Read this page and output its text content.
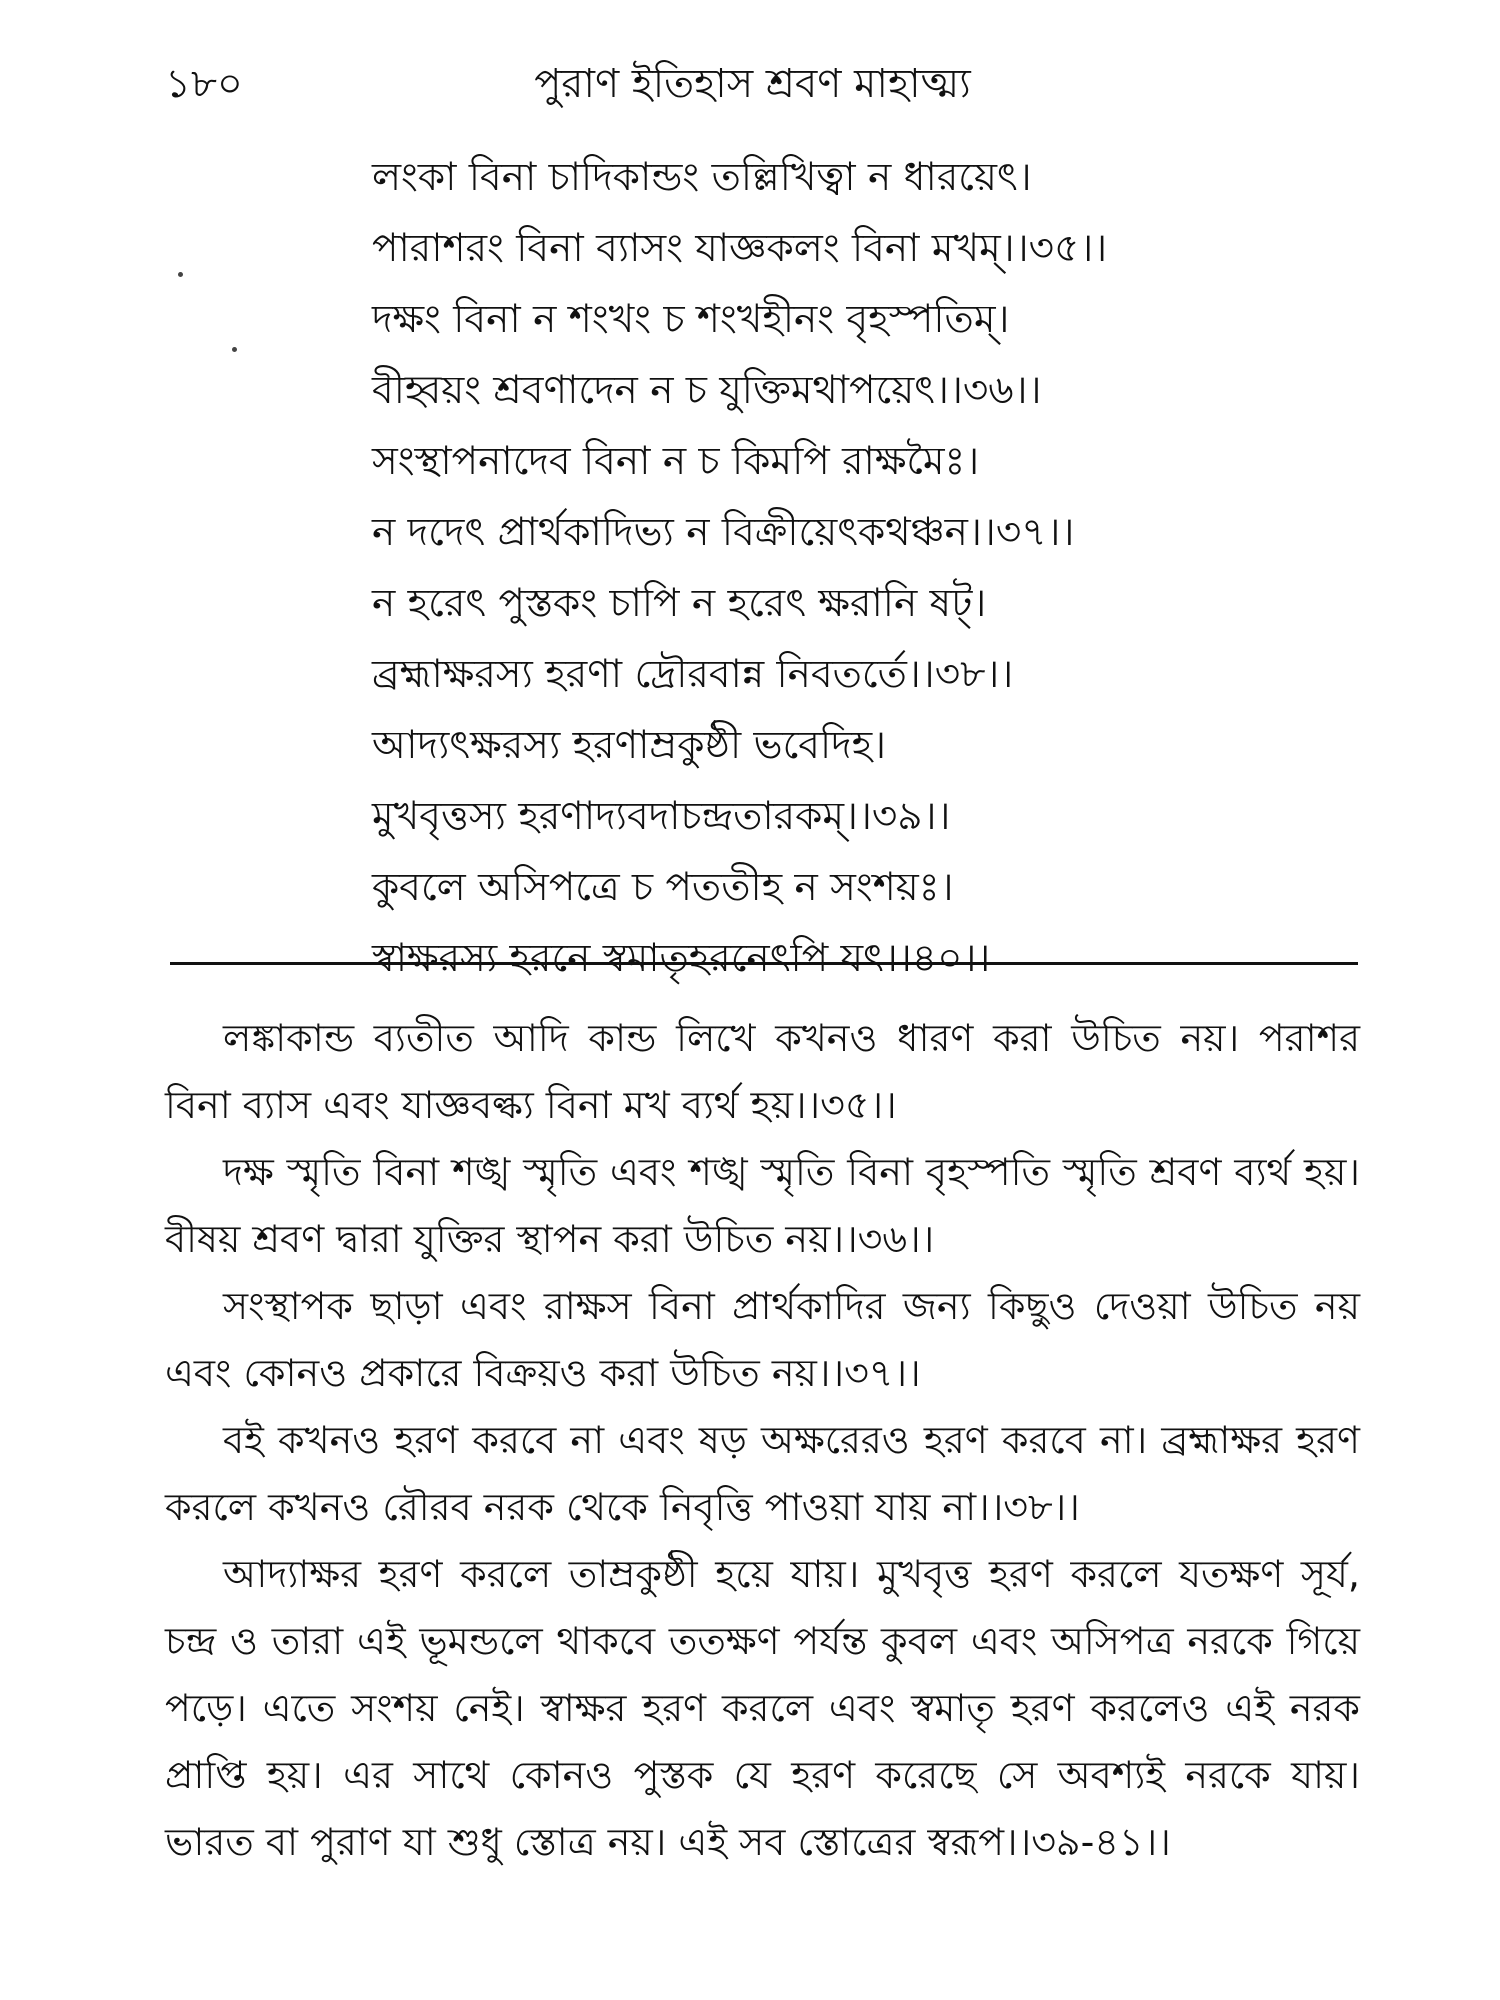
১৮০	পুরাণ ইতিহাস শ্রবণ মাহাত্ম্য
লংকা বিনা চাদিকান্ডং তল্লিখিত্বা ন ধারয়েৎ।
পারাশরং বিনা ব্যাসং যাজ্ঞকলং বিনা মখম্।।৩৫।।
দক্ষং বিনা ন শংখং চ শংখহীনং বৃহস্পতিম্।
বীহ্বয়ং শ্রবণাদেন ন চ যুক্তিমথাপয়েৎ।।৩৬।।
সংস্থাপনাদেব বিনা ন চ কিমপি রাক্ষমৈঃ।
ন দদেৎ প্রার্থকাদিভ্য ন বিক্রীয়েৎকথঞ্চন।।৩৭।।
ন হরেৎ পুস্তকং চাপি ন হরেৎ ক্ষরানি ষট্।
ব্রহ্মাক্ষরস্য হরণা দ্রৌরবান্ন নিবতর্তে।।৩৮।।
আদ্যৎক্ষরস্য হরণাম্রকুষ্ঠী ভবেদিহ।
মুখবৃত্তস্য হরণাদ্যবদাচন্দ্রতারকম্।।৩৯।।
কুবলে অসিপত্রে চ পততীহ ন সংশয়ঃ।
স্বাক্ষরস্য হরনে স্বমাতৃহরনেৎপি যৎ।।৪০।।

লঙ্কাকান্ড ব্যতীত আদি কান্ড লিখে কখনও ধারণ করা উচিত নয়। পরাশর বিনা ব্যাস এবং যাজ্ঞবল্ক্য বিনা মখ ব্যর্থ হয়।।৩৫।।

দক্ষ স্মৃতি বিনা শঙ্খ স্মৃতি এবং শঙ্খ স্মৃতি বিনা বৃহস্পতি স্মৃতি শ্রবণ ব্যর্থ হয়। বীষয় শ্রবণ দ্বারা যুক্তির স্থাপন করা উচিত নয়।।৩৬।।

সংস্থাপক ছাড়া এবং রাক্ষস বিনা প্রার্থকাদির জন্য কিছুও দেওয়া উচিত নয় এবং কোনও প্রকারে বিক্রয়ও করা উচিত নয়।।৩৭।।

বই কখনও হরণ করবে না এবং ষড় অক্ষরেরও হরণ করবে না। ব্রহ্মাক্ষর হরণ করলে কখনও রৌরব নরক থেকে নিবৃত্তি পাওয়া যায় না।।৩৮।।

আদ্যাক্ষর হরণ করলে তাম্রকুষ্ঠী হয়ে যায়। মুখবৃত্ত হরণ করলে যতক্ষণ সূর্য, চন্দ্র ও তারা এই ভূমন্ডলে থাকবে ততক্ষণ পর্যন্ত কুবল এবং অসিপত্র নরকে গিয়ে পড়ে। এতে সংশয় নেই। স্বাক্ষর হরণ করলে এবং স্বমাতৃ হরণ করলেও এই নরক প্রাপ্তি হয়। এর সাথে কোনও পুস্তক যে হরণ করেছে সে অবশ্যই নরকে যায়। ভারত বা পুরাণ যা শুধু স্তোত্র নয়। এই সব স্তোত্রের স্বরূপ।।৩৯-৪১।।
